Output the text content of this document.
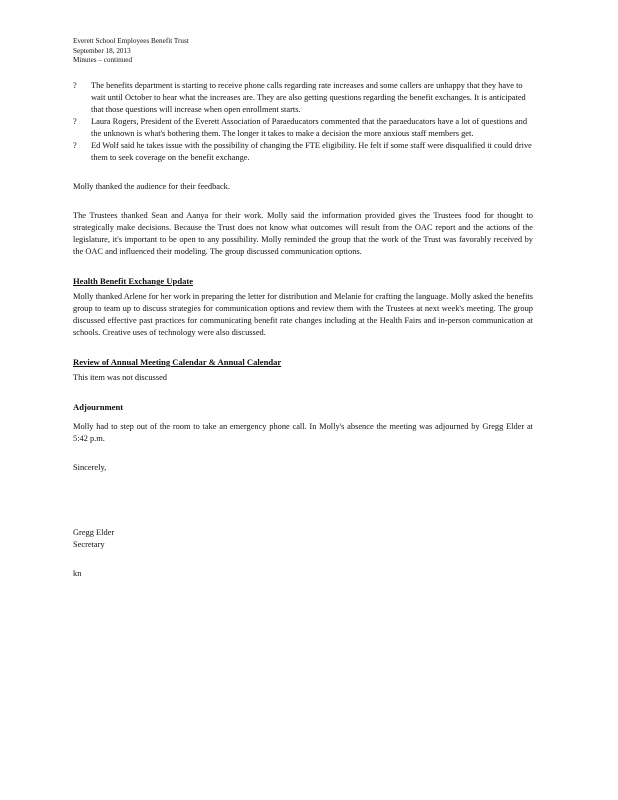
Everett School Employees Benefit Trust
September 18, 2013
Minutes – continued
? The benefits department is starting to receive phone calls regarding rate increases and some callers are unhappy that they have to wait until October to hear what the increases are. They are also getting questions regarding the benefit exchanges. It is anticipated that those questions will increase when open enrollment starts.
? Laura Rogers, President of the Everett Association of Paraeducators commented that the paraeducators have a lot of questions and the unknown is what's bothering them. The longer it takes to make a decision the more anxious staff members get.
? Ed Wolf said he takes issue with the possibility of changing the FTE eligibility. He felt if some staff were disqualified it could drive them to seek coverage on the benefit exchange.
Molly thanked the audience for their feedback.
The Trustees thanked Sean and Aanya for their work. Molly said the information provided gives the Trustees food for thought to strategically make decisions. Because the Trust does not know what outcomes will result from the OAC report and the actions of the legislature, it's important to be open to any possibility. Molly reminded the group that the work of the Trust was favorably received by the OAC and influenced their modeling. The group discussed communication options.
Health Benefit Exchange Update
Molly thanked Arlene for her work in preparing the letter for distribution and Melanie for crafting the language. Molly asked the benefits group to team up to discuss strategies for communication options and review them with the Trustees at next week's meeting. The group discussed effective past practices for communicating benefit rate changes including at the Health Fairs and in-person communication at schools. Creative uses of technology were also discussed.
Review of Annual Meeting Calendar & Annual Calendar
This item was not discussed
Adjournment
Molly had to step out of the room to take an emergency phone call. In Molly's absence the meeting was adjourned by Gregg Elder at 5:42 p.m.
Sincerely,
Gregg Elder
Secretary
kn
